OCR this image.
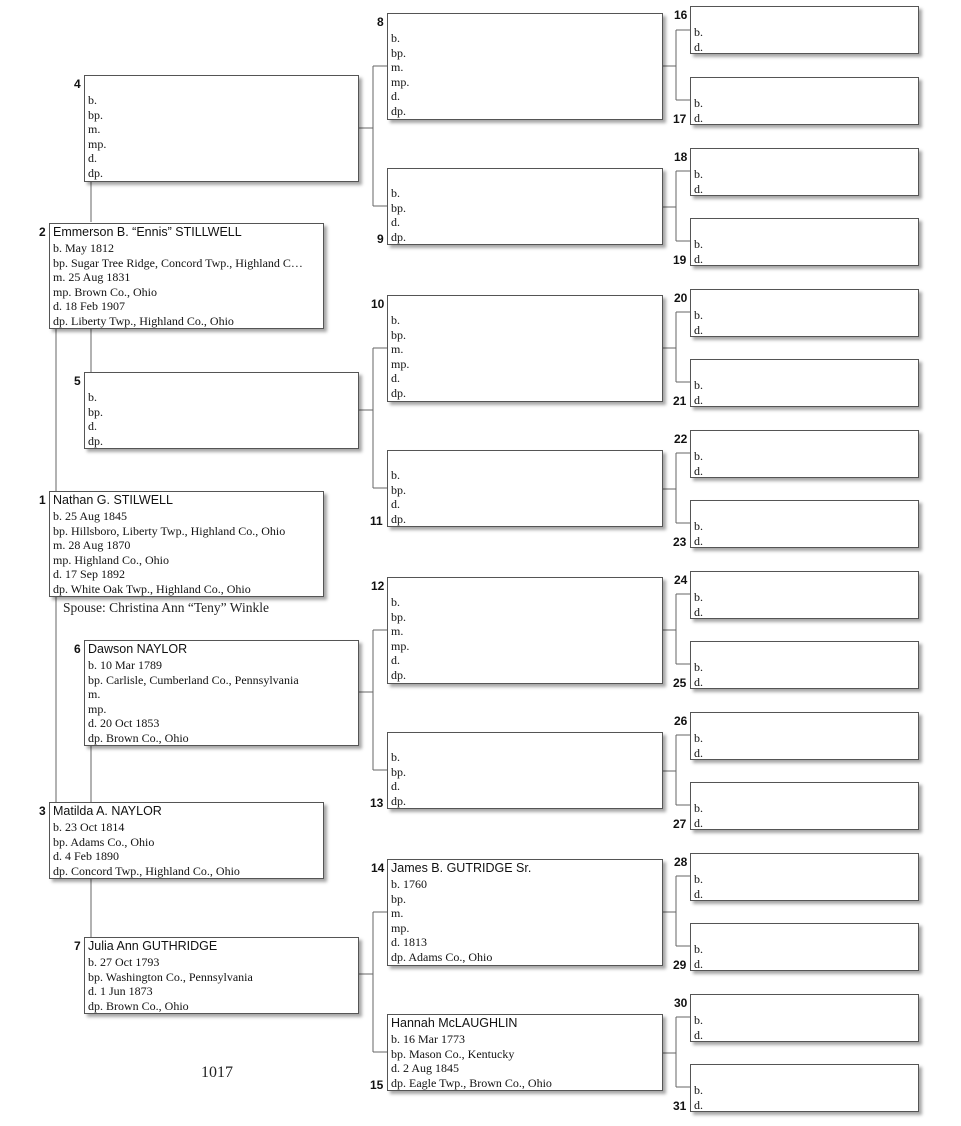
1 Nathan G. STILWELL
b. 25 Aug 1845
bp. Hillsboro, Liberty Twp., Highland Co., Ohio
m. 28 Aug 1870
mp. Highland Co., Ohio
d. 17 Sep 1892
dp. White Oak Twp., Highland Co., Ohio
2 Emmerson B. “Ennis” STILLWELL
b. May 1812
bp. Sugar Tree Ridge, Concord Twp., Highland C…
m. 25 Aug 1831
mp. Brown Co., Ohio
d. 18 Feb 1907
dp. Liberty Twp., Highland Co., Ohio
3 Matilda A. NAYLOR
b. 23 Oct 1814
bp. Adams Co., Ohio
d. 4 Feb 1890
dp. Concord Twp., Highland Co., Ohio
4
b.
bp.
m.
mp.
d.
dp.
5
b.
bp.
d.
dp.
6 Dawson NAYLOR
b. 10 Mar 1789
bp. Carlisle, Cumberland Co., Pennsylvania
m.
mp.
d. 20 Oct 1853
dp. Brown Co., Ohio
7 Julia Ann GUTHRIDGE
b. 27 Oct 1793
bp. Washington Co., Pennsylvania
d. 1 Jun 1873
dp. Brown Co., Ohio
8
b.
bp.
m.
mp.
d.
dp.
9
b.
bp.
d.
dp.
10
b.
bp.
m.
mp.
d.
dp.
11
b.
bp.
d.
dp.
12
b.
bp.
m.
mp.
d.
dp.
13
b.
bp.
d.
dp.
14 James B. GUTRIDGE Sr.
b. 1760
bp.
m.
mp.
d. 1813
dp. Adams Co., Ohio
15
Hannah McLAUGHLIN
b. 16 Mar 1773
bp. Mason Co., Kentucky
d. 2 Aug 1845
dp. Eagle Twp., Brown Co., Ohio
16
b.
d.
17
b.
d.
18
b.
d.
19
b.
d.
20
b.
d.
21
b.
d.
22
b.
d.
23
b.
d.
24
b.
d.
25
b.
d.
26
b.
d.
27
b.
d.
28
b.
d.
29
b.
d.
30
b.
d.
31
b.
d.
Spouse: Christina Ann “Teny” Winkle
1017
